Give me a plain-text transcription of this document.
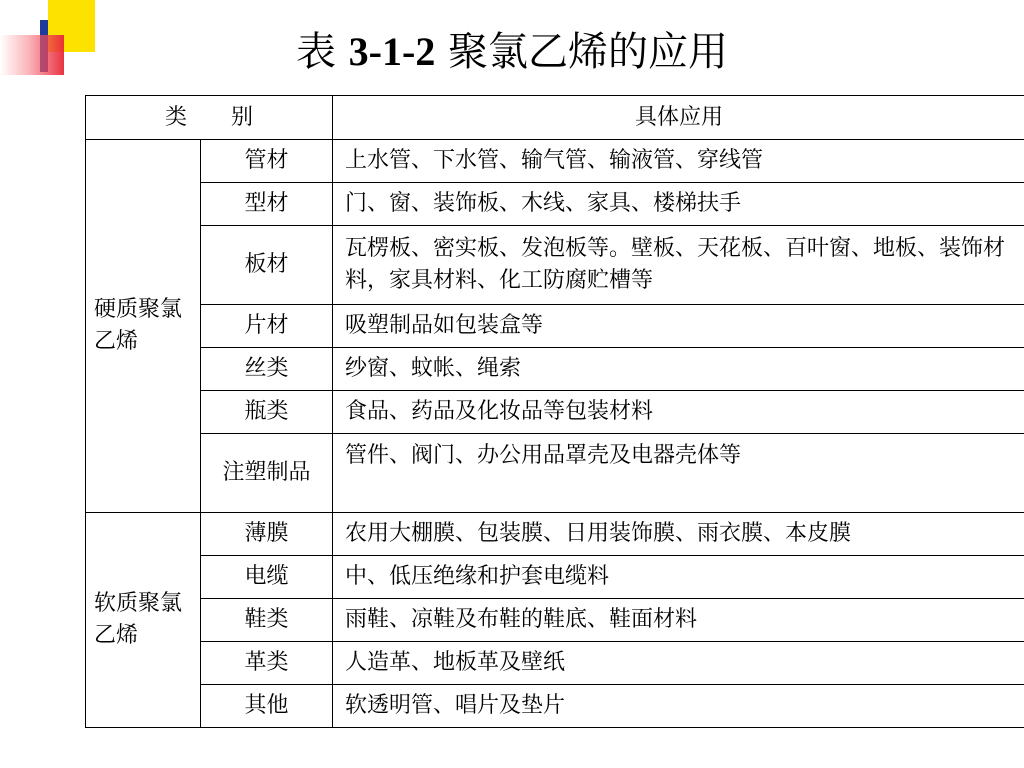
表 3-1-2 聚氯乙烯的应用
类　　别		具体应用
硬质聚氯乙烯	管材	上水管、下水管、输气管、输液管、穿线管
	型材	门、窗、装饰板、木线、家具、楼梯扶手
	板材	瓦楞板、密实板、发泡板等。壁板、天花板、百叶窗、地板、装饰材料，家具材料、化工防腐贮槽等
	片材	吸塑制品如包装盒等
	丝类	纱窗、蚊帐、绳索
	瓶类	食品、药品及化妆品等包装材料
	注塑制品	管件、阀门、办公用品罩壳及电器壳体等
软质聚氯乙烯	薄膜	农用大棚膜、包装膜、日用装饰膜、雨衣膜、本皮膜
	电缆	中、低压绝缘和护套电缆料
	鞋类	雨鞋、凉鞋及布鞋的鞋底、鞋面材料
	革类	人造革、地板革及壁纸
	其他	软透明管、唱片及垫片
